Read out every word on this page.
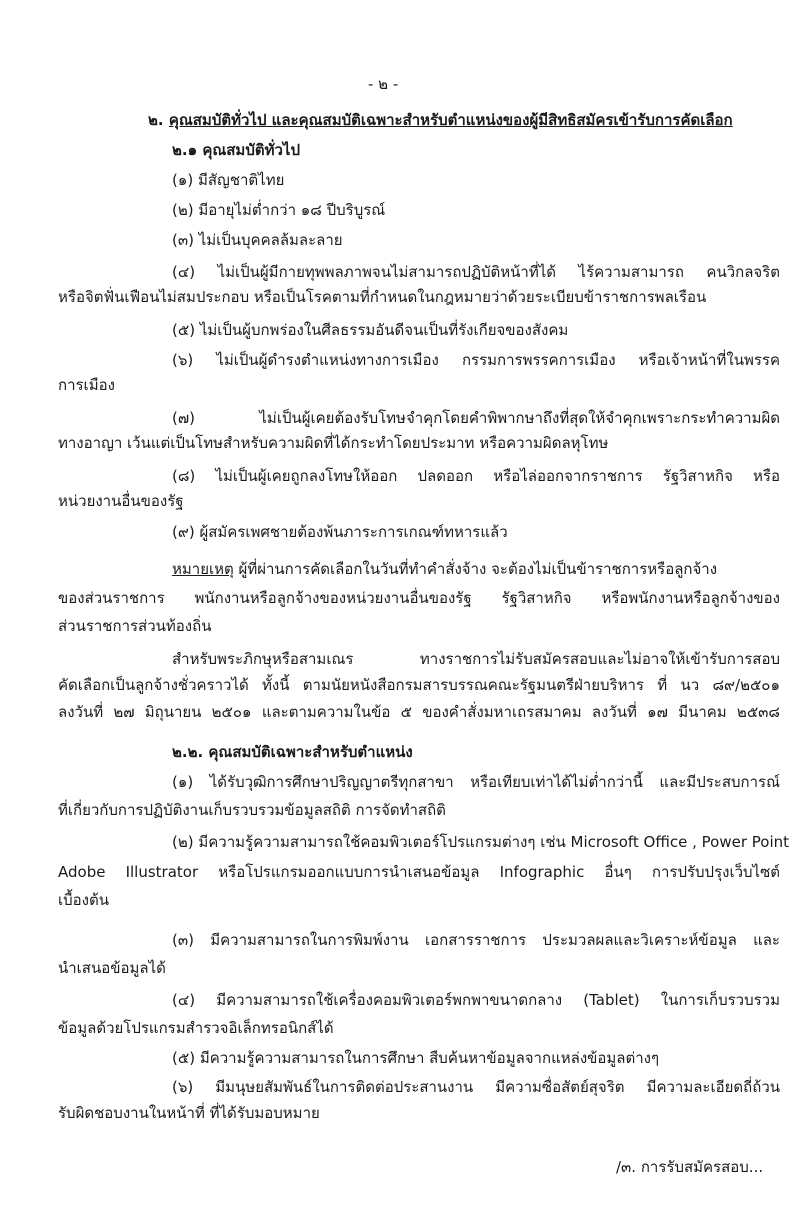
- ๒ -
๒. คุณสมบัติทั่วไป และคุณสมบัติเฉพาะสำหรับตำแหน่งของผู้มีสิทธิสมัครเข้ารับการคัดเลือก
๒.๑ คุณสมบัติทั่วไป
(๑) มีสัญชาติไทย
(๒) มีอายุไม่ต่ำกว่า ๑๘ ปีบริบูรณ์
(๓) ไม่เป็นบุคคลล้มละลาย
(๔) ไม่เป็นผู้มีกายทุพพลภาพจนไม่สามารถปฏิบัติหน้าที่ได้ ไร้ความสามารถ คนวิกลจริต
หรือจิตฟั่นเฟือนไม่สมประกอบ หรือเป็นโรคตามที่กำหนดในกฎหมายว่าด้วยระเบียบข้าราชการพลเรือน
(๕) ไม่เป็นผู้บกพร่องในศีลธรรมอันดีจนเป็นที่รังเกียจของสังคม
(๖) ไม่เป็นผู้ดำรงตำแหน่งทางการเมือง กรรมการพรรคการเมือง หรือเจ้าหน้าที่ในพรรค
การเมือง
(๗) ไม่เป็นผู้เคยต้องรับโทษจำคุกโดยคำพิพากษาถึงที่สุดให้จำคุกเพราะกระทำความผิด
ทางอาญา เว้นแต่เป็นโทษสำหรับความผิดที่ได้กระทำโดยประมาท หรือความผิดลหุโทษ
(๘) ไม่เป็นผู้เคยถูกลงโทษให้ออก ปลดออก หรือไล่ออกจากราชการ รัฐวิสาหกิจ หรือ
หน่วยงานอื่นของรัฐ
(๙) ผู้สมัครเพศชายต้องพ้นภาระการเกณฑ์ทหารแล้ว
หมายเหตุ ผู้ที่ผ่านการคัดเลือกในวันที่ทำคำสั่งจ้าง จะต้องไม่เป็นข้าราชการหรือลูกจ้าง
ของส่วนราชการ พนักงานหรือลูกจ้างของหน่วยงานอื่นของรัฐ รัฐวิสาหกิจ หรือพนักงานหรือลูกจ้างของ
ส่วนราชการส่วนท้องถิ่น
สำหรับพระภิกษุหรือสามเณร ทางราชการไม่รับสมัครสอบและไม่อาจให้เข้ารับการสอบ
คัดเลือกเป็นลูกจ้างชั่วคราวได้ ทั้งนี้ ตามนัยหนังสือกรมสารบรรณคณะรัฐมนตรีฝ่ายบริหาร ที่ นว ๘๙/๒๕๐๑
ลงวันที่ ๒๗ มิถุนายน ๒๕๐๑ และตามความในข้อ ๕ ของคำสั่งมหาเถรสมาคม ลงวันที่ ๑๗ มีนาคม ๒๕๓๘
๒.๒. คุณสมบัติเฉพาะสำหรับตำแหน่ง
(๑) ได้รับวุฒิการศึกษาปริญญาตรีทุกสาขา หรือเทียบเท่าได้ไม่ต่ำกว่านี้ และมีประสบการณ์
ที่เกี่ยวกับการปฏิบัติงานเก็บรวบรวมข้อมูลสถิติ การจัดทำสถิติ
(๒) มีความรู้ความสามารถใช้คอมพิวเตอร์โปรแกรมต่างๆ เช่น Microsoft Office , Power Point
Adobe Illustrator หรือโปรแกรมออกแบบการนำเสนอข้อมูล Infographic อื่นๆ การปรับปรุงเว็บไซต์
เบื้องต้น
(๓) มีความสามารถในการพิมพ์งาน เอกสารราชการ ประมวลผลและวิเคราะห์ข้อมูล และ
นำเสนอข้อมูลได้
(๔) มีความสามารถใช้เครื่องคอมพิวเตอร์พกพาขนาดกลาง (Tablet) ในการเก็บรวบรวม
ข้อมูลด้วยโปรแกรมสำรวจอิเล็กทรอนิกส์ได้
(๕) มีความรู้ความสามารถในการศึกษา สืบค้นหาข้อมูลจากแหล่งข้อมูลต่างๆ
(๖) มีมนุษยสัมพันธ์ในการติดต่อประสานงาน มีความซื่อสัตย์สุจริต มีความละเอียดถี่ถ้วน
รับผิดชอบงานในหน้าที่ ที่ได้รับมอบหมาย
/๓. การรับสมัครสอบ...
